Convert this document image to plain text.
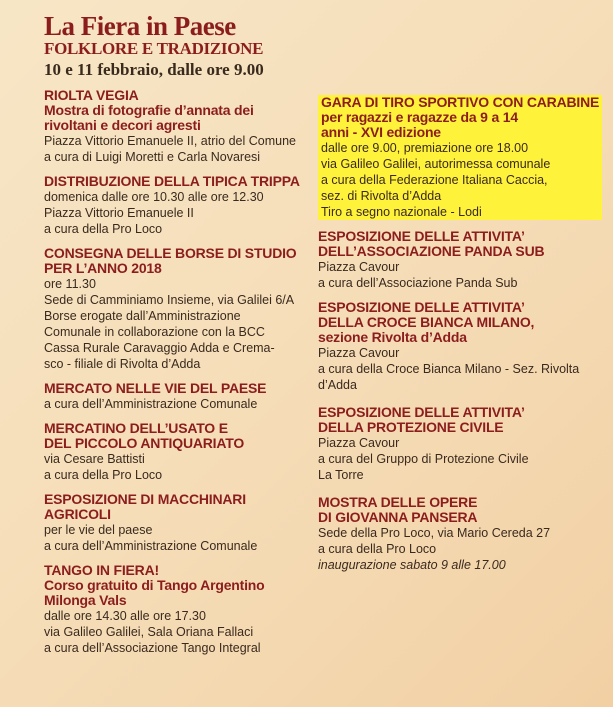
La Fiera in Paese
FOLKLORE E TRADIZIONE
10 e 11 febbraio, dalle ore 9.00
RIOLTA VEGIA
Mostra di fotografie d’annata dei
rivoltani e decori agresti
Piazza Vittorio Emanuele II, atrio del Comune
a cura di Luigi Moretti e Carla Novaresi
DISTRIBUZIONE DELLA TIPICA TRIPPA
domenica dalle ore 10.30 alle ore 12.30
Piazza Vittorio Emanuele II
a cura della Pro Loco
CONSEGNA DELLE BORSE DI STUDIO
PER L’ANNO 2018
ore 11.30
Sede di Camminiamo Insieme, via Galilei 6/A
Borse erogate dall’Amministrazione
Comunale in collaborazione con la BCC
Cassa Rurale Caravaggio Adda e Crema-
sco - filiale di Rivolta d’Adda
MERCATO NELLE VIE DEL PAESE
a cura dell’Amministrazione Comunale
MERCATINO DELL’USATO E
DEL PICCOLO ANTIQUARIATO
via Cesare Battisti
a cura della Pro Loco
ESPOSIZIONE DI MACCHINARI
AGRICOLI
per le vie del paese
a cura dell’Amministrazione Comunale
TANGO IN FIERA!
Corso gratuito di Tango Argentino
Milonga Vals
dalle ore 14.30 alle ore 17.30
via Galileo Galilei, Sala Oriana Fallaci
a cura dell’Associazione Tango Integral
GARA DI TIRO SPORTIVO CON CARABINE
per ragazzi e ragazze da 9 a 14
anni - XVI edizione
dalle ore 9.00, premiazione ore 18.00
via Galileo Galilei, autorimessa comunale
a cura della Federazione Italiana Caccia,
sez. di Rivolta d’Adda
Tiro a segno nazionale - Lodi
ESPOSIZIONE DELLE ATTIVITA’
DELL’ASSOCIAZIONE PANDA SUB
Piazza Cavour
a cura dell’Associazione Panda Sub
ESPOSIZIONE DELLE ATTIVITA’
DELLA CROCE BIANCA MILANO,
sezione Rivolta d’Adda
Piazza Cavour
a cura della Croce Bianca Milano - Sez. Rivolta
d’Adda
ESPOSIZIONE DELLE ATTIVITA’
DELLA PROTEZIONE CIVILE
Piazza Cavour
a cura del Gruppo di Protezione Civile
La Torre
MOSTRA DELLE OPERE
DI GIOVANNA PANSERA
Sede della Pro Loco, via Mario Cereda 27
a cura della Pro Loco
inaugurazione sabato 9 alle 17.00
